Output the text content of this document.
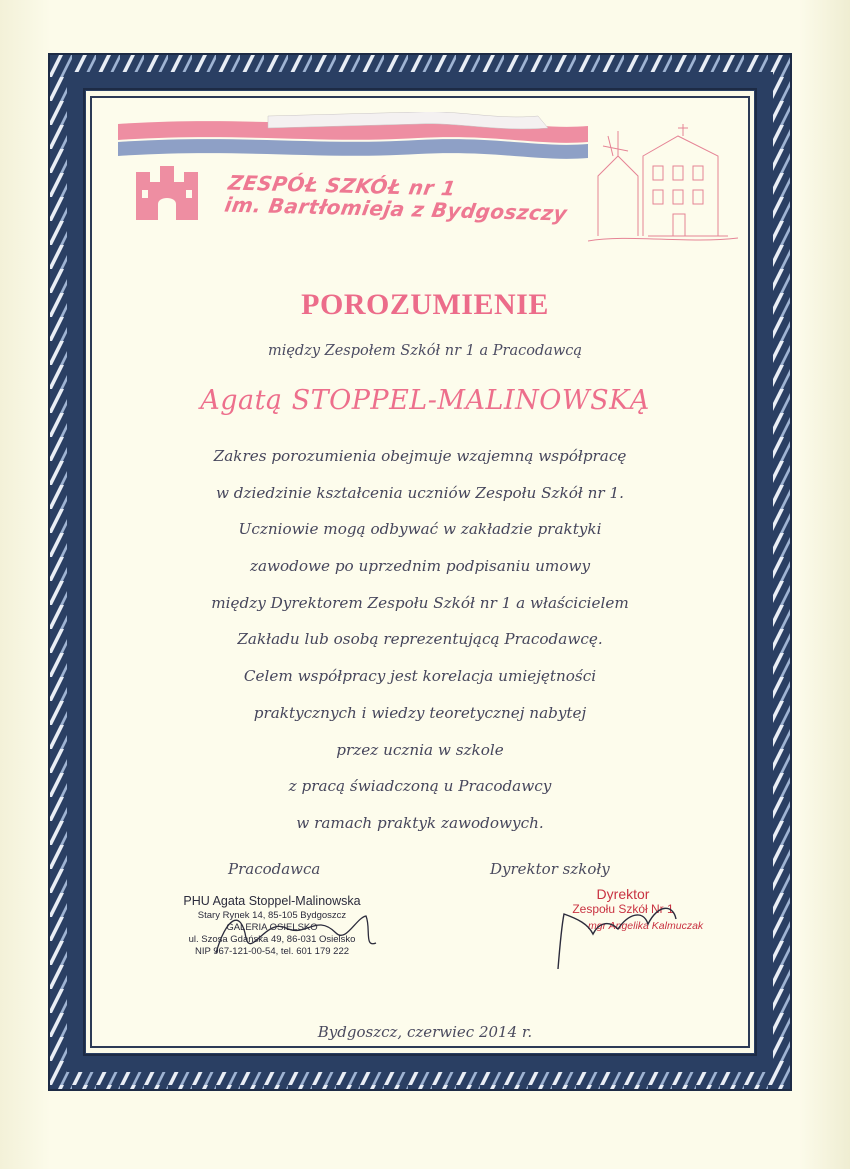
ZESPÓŁ SZKÓŁ nr 1
im. Bartłomieja z Bydgoszczy
POROZUMIENIE
między Zespołem Szkół nr 1 a Pracodawcą
Agatą STOPPEL-MALINOWSKĄ
Zakres porozumienia obejmuje wzajemną współpracę
w dziedzinie kształcenia uczniów Zespołu Szkół nr 1.
Uczniowie mogą odbywać w zakładzie praktyki
zawodowe po uprzednim podpisaniu umowy
między Dyrektorem Zespołu Szkół nr 1 a właścicielem
Zakładu lub osobą reprezentującą Pracodawcę.
Celem współpracy jest korelacja umiejętności
praktycznych i wiedzy teoretycznej nabytej
przez ucznia w szkole
z pracą świadczoną u Pracodawcy
w ramach praktyk zawodowych.
Pracodawca	Dyrektor szkoły
PHU Agata Stoppel-Malinowska
Stary Rynek 14, 85-105 Bydgoszcz
GALERIA OSIELSKO
ul. Szosa Gdańska 49, 86-031 Osielsko
NIP 967-121-00-54, tel. 601 179 222
Dyrektor
Zespołu Szkół Nr 1
mgr Angelika Kalmuczak
Bydgoszcz, czerwiec 2014 r.
